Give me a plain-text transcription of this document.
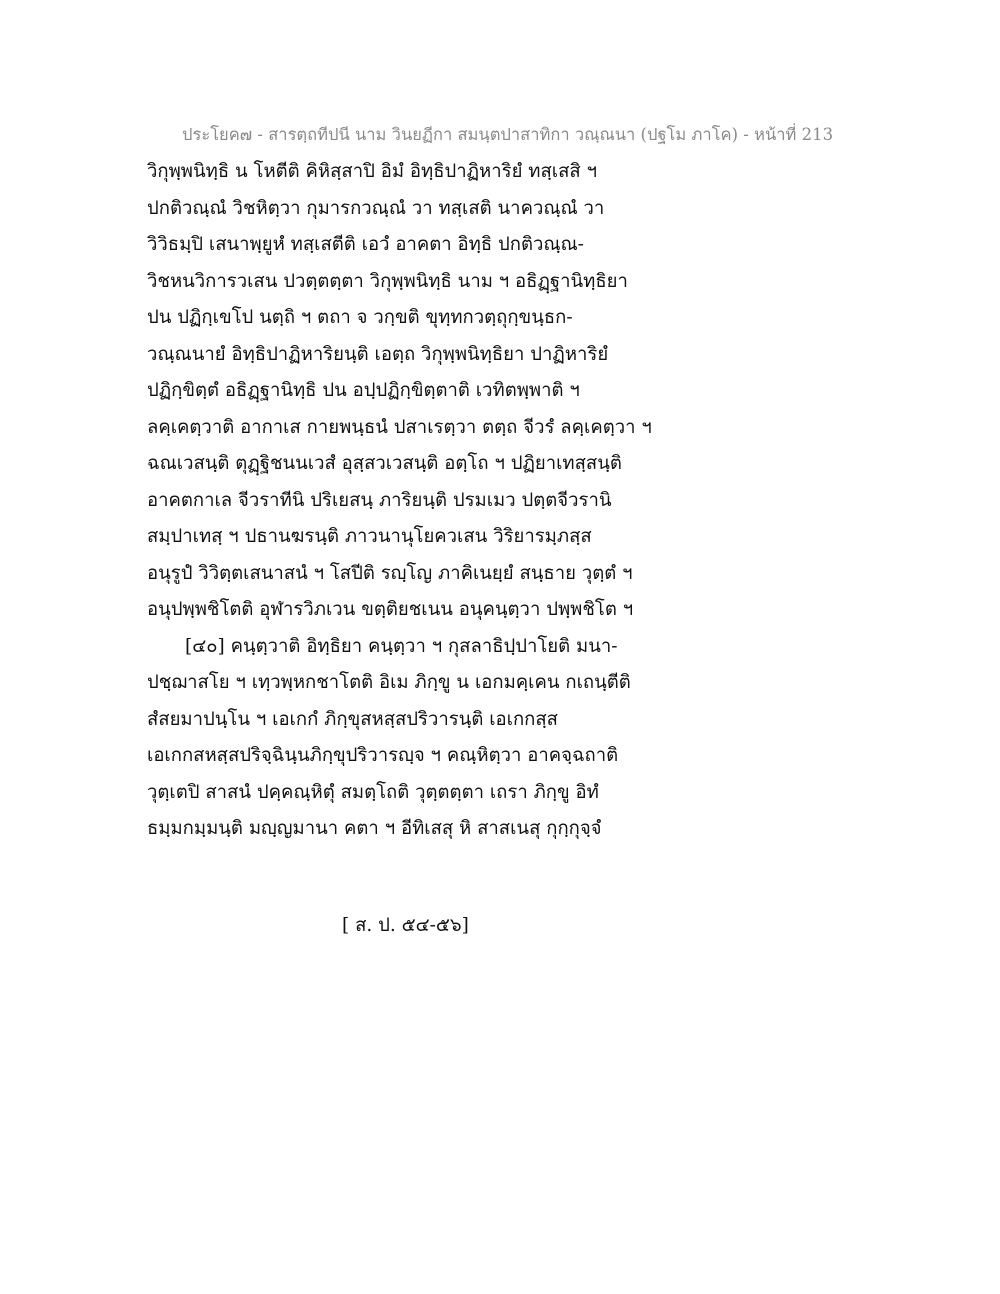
ประโยค๗ - สารตฺถทีปนี นาม วินยฏีกา สมนฺตปาสาทิกา วณฺณนา (ปฐโม ภาโค) - หน้าที่ 213
วิกุพฺพนิทฺธิ น โหตีติ คิหิสฺสาปิ อิมํ อิทฺธิปาฏิหาริยํ ทสฺเสสิ ฯ
ปกติวณฺณํ วิชหิตฺวา กุมารกวณฺณํ วา ทสฺเสติ นาควณฺณํ วา
วิวิธมฺปิ เสนาพฺยูหํ ทสฺเสตีติ เอวํ อาคตา อิทฺธิ ปกติวณฺณ-
วิชหนวิการวเสน ปวตฺตตฺตา วิกุพฺพนิทฺธิ นาม ฯ อธิฏฺฐานิทฺธิยา
ปน ปฏิกฺเขโป นตฺถิ ฯ ตถา จ วกฺขติ ขุทฺทกวตฺถุกฺขนฺธก-
วณฺณนายํ อิทฺธิปาฏิหาริยนฺติ เอตฺถ วิกุพฺพนิทฺธิยา ปาฏิหาริยํ
ปฏิกฺขิตฺตํ อธิฏฺฐานิทฺธิ ปน อปฺปฏิกฺขิตฺตาติ เวทิตพฺพาติ ฯ
ลคฺเคตฺวาติ อากาเส กายพนฺธนํ ปสาเรตฺวา ตตฺถ จีวรํ ลคฺเคตฺวา ฯ
ฉณเวสนฺติ ตุฏฺฐิชนนเวสํ อุสฺสวเวสนฺติ อตฺโถ ฯ ปฏิยาเทสฺสนฺติ
อาคตกาเล จีวราทีนิ ปริเยสนฺ ภาริยนฺติ ปรมเมว ปตฺตจีวรานิ
สมฺปาเทสฺ ฯ ปธานฆรนฺติ ภาวนานุโยควเสน วิริยารมฺภสฺส
อนุรูปํ วิวิตฺตเสนาสนํ ฯ โสปีติ รญฺโญ ภาคิเนยฺยํ สนฺธาย วุตฺตํ ฯ
อนุปพฺพชิโตติ อุฬารวิภเวน ขตฺติยชเนน อนุคนฺตฺวา ปพฺพชิโต ฯ
[๔๐] คนฺตฺวาติ อิทฺธิยา คนฺตฺวา ฯ กุสลาธิปฺปาโยติ มนา-
ปชฺฌาสโย ฯ เทฺวพฺหกชาโตติ อิเม ภิกฺขู น เอกมคฺเคน กเถนฺตีติ
สํสยมาปนฺโน ฯ เอเกกํ ภิกฺขุสหสฺสปริวารนฺติ เอเกกสฺส
เอเกกสหสฺสปริจฺฉินฺนภิกฺขุปริวารญฺจ ฯ คณฺหิตฺวา อาคจฺฉถาติ
วุตฺเตปิ สาสนํ ปคฺคณฺหิตุํ สมตฺโถติ วุตฺตตฺตา เถรา ภิกฺขู อิทํ
ธมฺมกมฺมนฺติ มญฺญมานา คตา ฯ อีทิเสสุ หิ สาสเนสุ กุกฺกุจฺจํ
[ ส. ป. ๕๔-๕๖]
